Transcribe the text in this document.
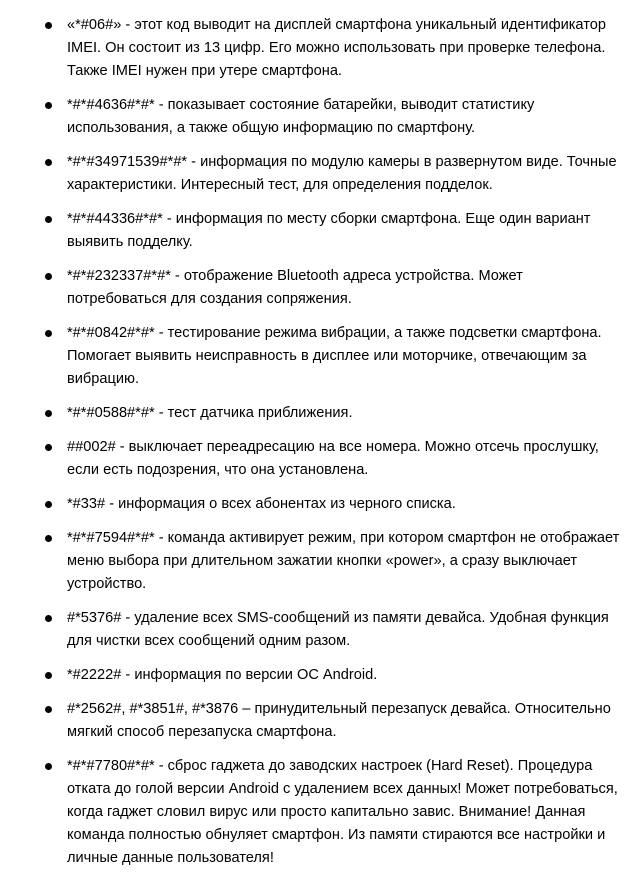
«*#06#» - этот код выводит на дисплей смартфона уникальный идентификатор IMEI. Он состоит из 13 цифр. Его можно использовать при проверке телефона. Также IMEI нужен при утере смартфона.
*#*#4636#*#* - показывает состояние батарейки, выводит статистику использования, а также общую информацию по смартфону.
*#*#34971539#*#* - информация по модулю камеры в развернутом виде. Точные характеристики. Интересный тест, для определения подделок.
*#*#44336#*#* - информация по месту сборки смартфона. Еще один вариант выявить подделку.
*#*#232337#*#* - отображение Bluetooth адреса устройства. Может потребоваться для создания сопряжения.
*#*#0842#*#* - тестирование режима вибрации, а также подсветки смартфона. Помогает выявить неисправность в дисплее или моторчике, отвечающим за вибрацию.
*#*#0588#*#* - тест датчика приближения.
##002# - выключает переадресацию на все номера. Можно отсечь прослушку, если есть подозрения, что она установлена.
*#33# - информация о всех абонентах из черного списка.
*#*#7594#*#* - команда активирует режим, при котором смартфон не отображает меню выбора при длительном зажатии кнопки «power», а сразу выключает устройство.
#*5376# - удаление всех SMS-сообщений из памяти девайса. Удобная функция для чистки всех сообщений одним разом.
*#2222# - информация по версии ОС Android.
#*2562#, #*3851#, #*3876 – принудительный перезапуск девайса. Относительно мягкий способ перезапуска смартфона.
*#*#7780#*#* - сброс гаджета до заводских настроек (Hard Reset). Процедура отката до голой версии Android с удалением всех данных! Может потребоваться, когда гаджет словил вирус или просто капитально завис. Внимание! Данная команда полностью обнуляет смартфон. Из памяти стираются все настройки и личные данные пользователя!
